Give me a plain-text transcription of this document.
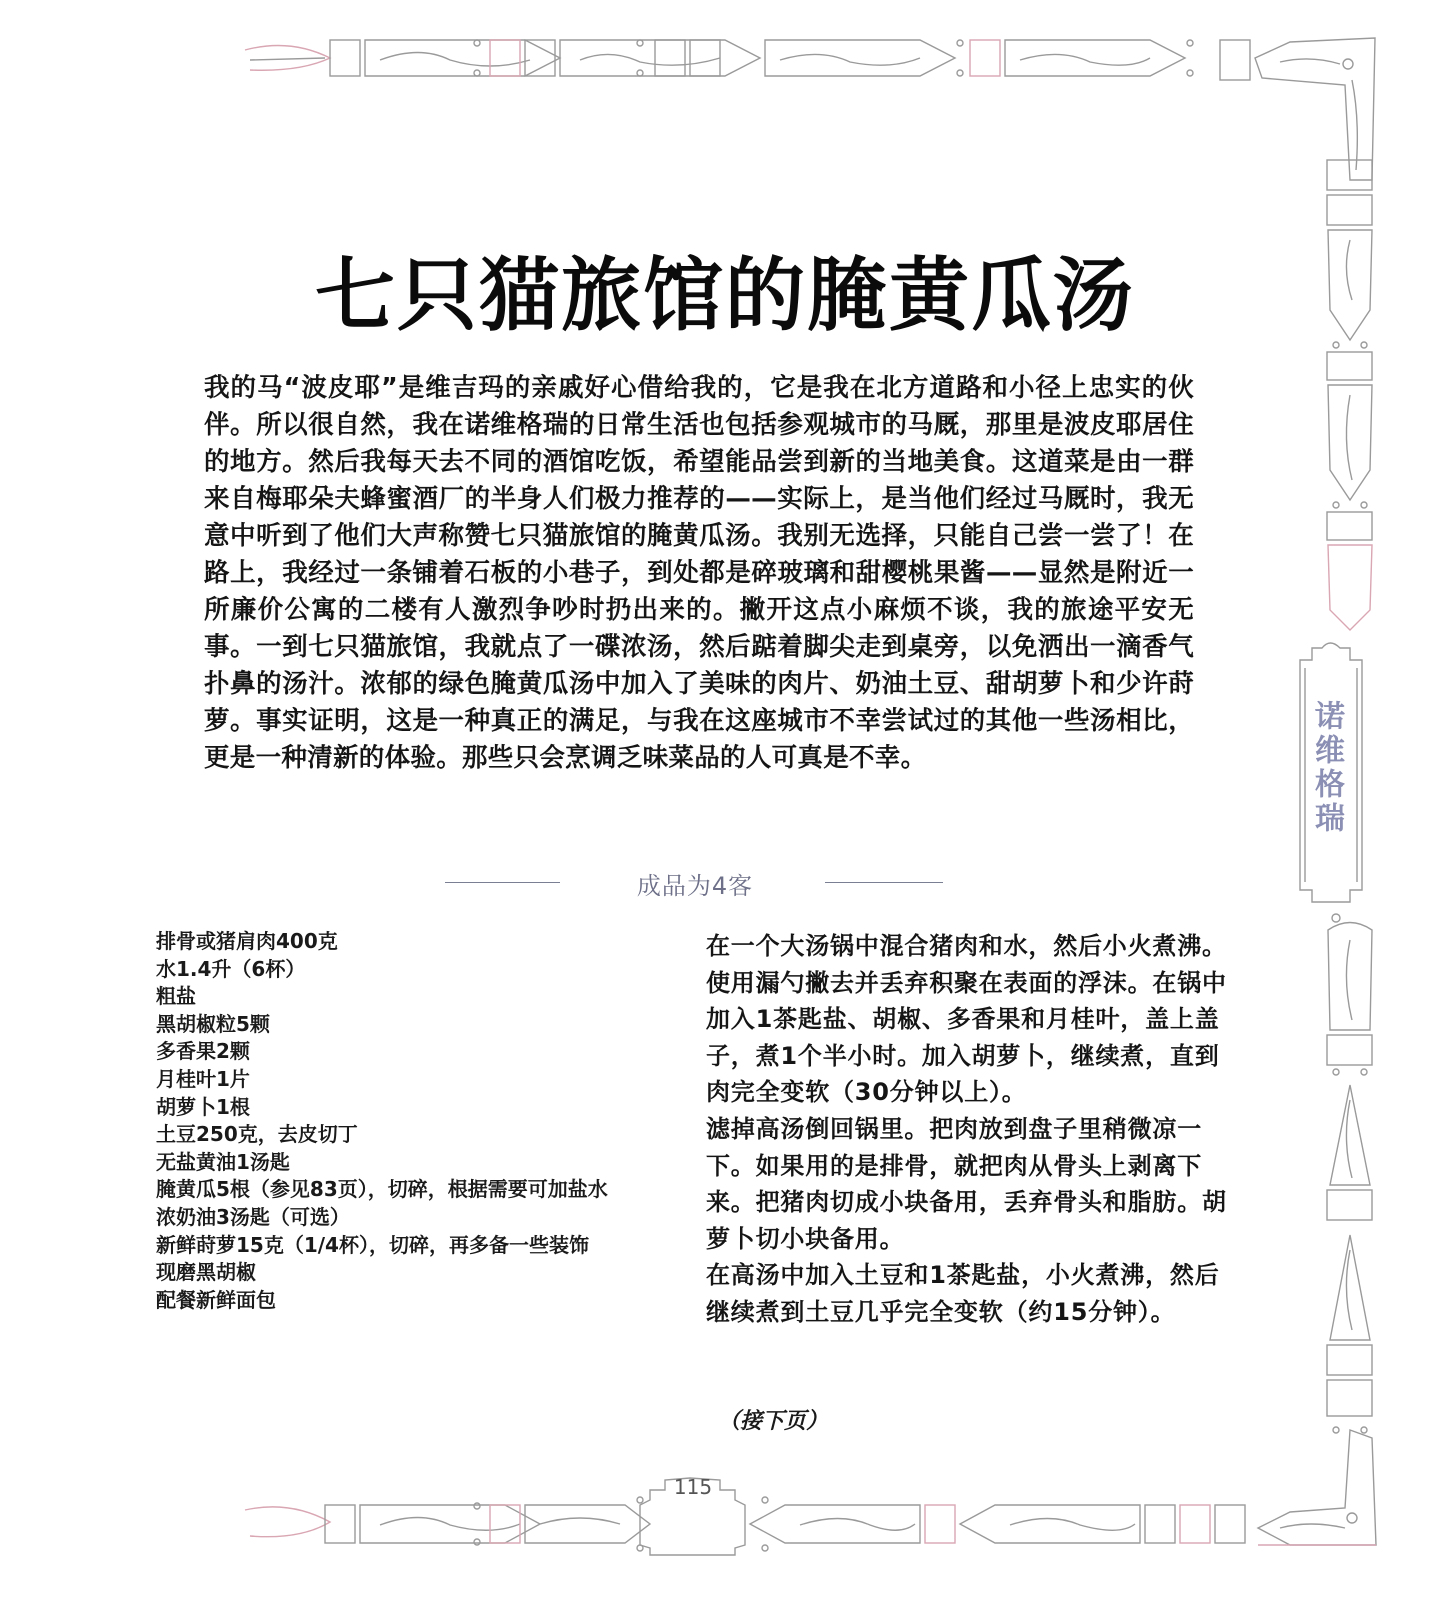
七只猫旅馆的腌黄瓜汤
我的马“波皮耶”是维吉玛的亲戚好心借给我的，它是我在北方道路和小径上忠实的伙伴。所以很自然，我在诺维格瑞的日常生活也包括参观城市的马厩，那里是波皮耶居住的地方。然后我每天去不同的酒馆吃饭，希望能品尝到新的当地美食。这道菜是由一群来自梅耶朵夫蜂蜜酒厂的半身人们极力推荐的——实际上，是当他们经过马厩时，我无意中听到了他们大声称赞七只猫旅馆的腌黄瓜汤。我别无选择，只能自己尝一尝了！在路上，我经过一条铺着石板的小巷子，到处都是碎玻璃和甜樱桃果酱——显然是附近一所廉价公寓的二楼有人激烈争吵时扔出来的。撇开这点小麻烦不谈，我的旅途平安无事。一到七只猫旅馆，我就点了一碟浓汤，然后踮着脚尖走到桌旁，以免洒出一滴香气扑鼻的汤汁。浓郁的绿色腌黄瓜汤中加入了美味的肉片、奶油土豆、甜胡萝卜和少许莳萝。事实证明，这是一种真正的满足，与我在这座城市不幸尝试过的其他一些汤相比，更是一种清新的体验。那些只会烹调乏味菜品的人可真是不幸。
成品为4客
排骨或猪肩肉400克
水1.4升（6杯）
粗盐
黑胡椒粒5颗
多香果2颗
月桂叶1片
胡萝卜1根
土豆250克，去皮切丁
无盐黄油1汤匙
腌黄瓜5根（参见83页），切碎，根据需要可加盐水
浓奶油3汤匙（可选）
新鲜莳萝15克（1/4杯），切碎，再多备一些装饰
现磨黑胡椒
配餐新鲜面包

在一个大汤锅中混合猪肉和水，然后小火煮沸。使用漏勺撇去并丢弃积聚在表面的浮沫。在锅中加入1茶匙盐、胡椒、多香果和月桂叶，盖上盖子，煮1个半小时。加入胡萝卜，继续煮，直到肉完全变软（30分钟以上）。

滤掉高汤倒回锅里。把肉放到盘子里稍微凉一下。如果用的是排骨，就把肉从骨头上剥离下来。把猪肉切成小块备用，丢弃骨头和脂肪。胡萝卜切小块备用。

在高汤中加入土豆和1茶匙盐，小火煮沸，然后继续煮到土豆几乎完全变软（约15分钟）。

（接下页）
诺维格瑞
115
